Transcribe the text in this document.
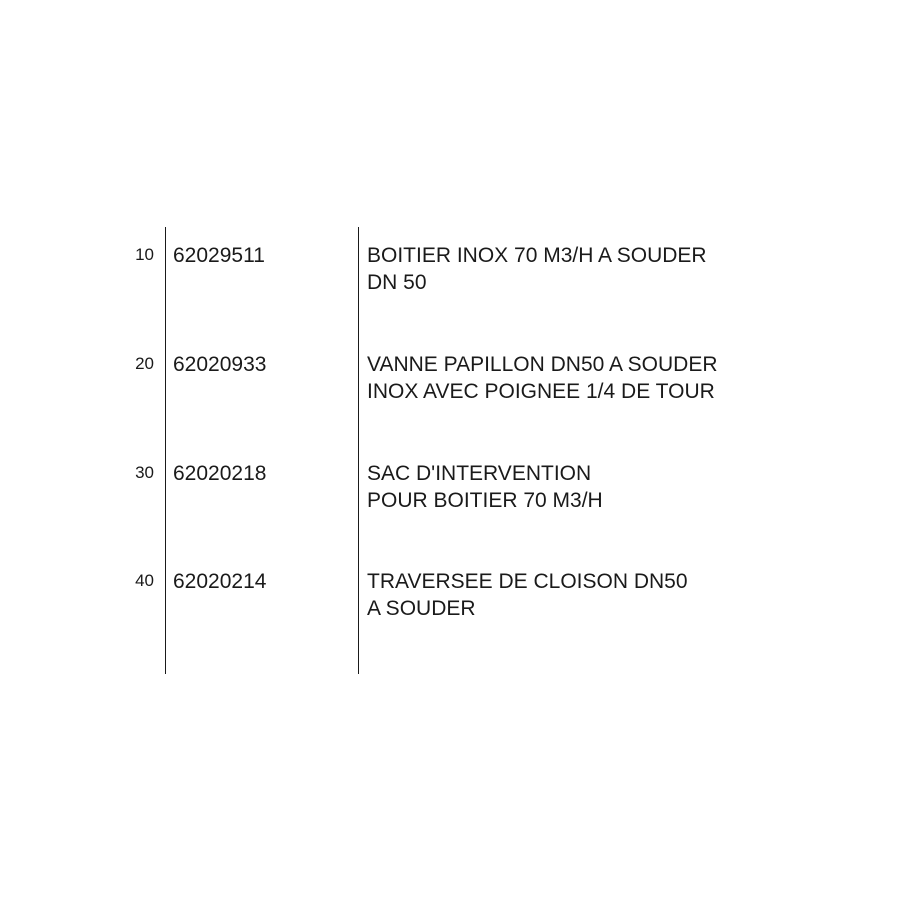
10 62029511	BOITIER INOX 70 M3/H A SOUDER
DN 50
20 62020933	VANNE PAPILLON DN50 A SOUDER
INOX AVEC POIGNEE 1/4 DE TOUR
30 62020218	SAC D'INTERVENTION
POUR BOITIER 70 M3/H
40 62020214	TRAVERSEE DE CLOISON DN50
A SOUDER
